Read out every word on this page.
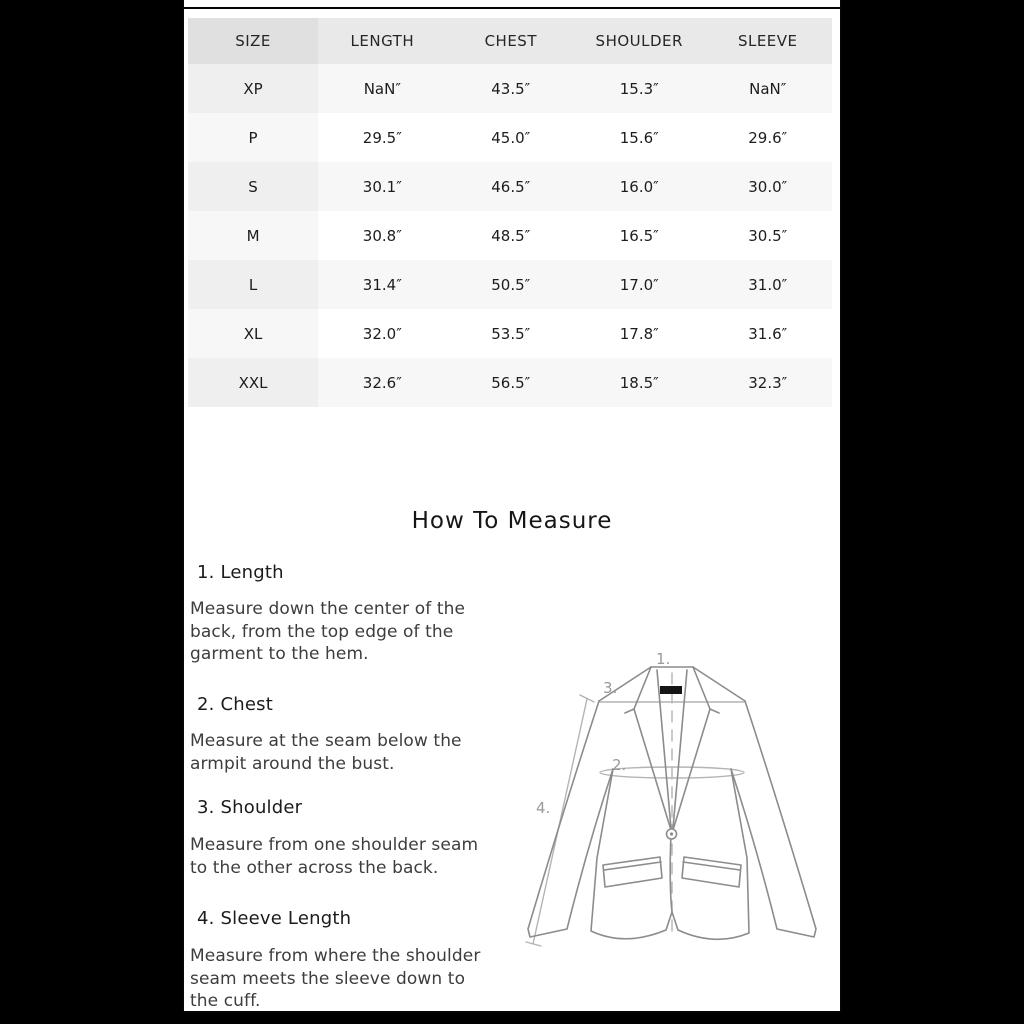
SIZE	LENGTH	CHEST	SHOULDER	SLEEVE
XP	NaN″	43.5″	15.3″	NaN″
P	29.5″	45.0″	15.6″	29.6″
S	30.1″	46.5″	16.0″	30.0″
M	30.8″	48.5″	16.5″	30.5″
L	31.4″	50.5″	17.0″	31.0″
XL	32.0″	53.5″	17.8″	31.6″
XXL	32.6″	56.5″	18.5″	32.3″
How To Measure
1. Length

Measure down the center of the back, from the top edge of the garment to the hem.

2. Chest

Measure at the seam below the armpit around the bust.

3. Shoulder

Measure from one shoulder seam to the other across the back.

4. Sleeve Length

Measure from where the shoulder seam meets the sleeve down to the cuff.

1.
3.
2.
4.
